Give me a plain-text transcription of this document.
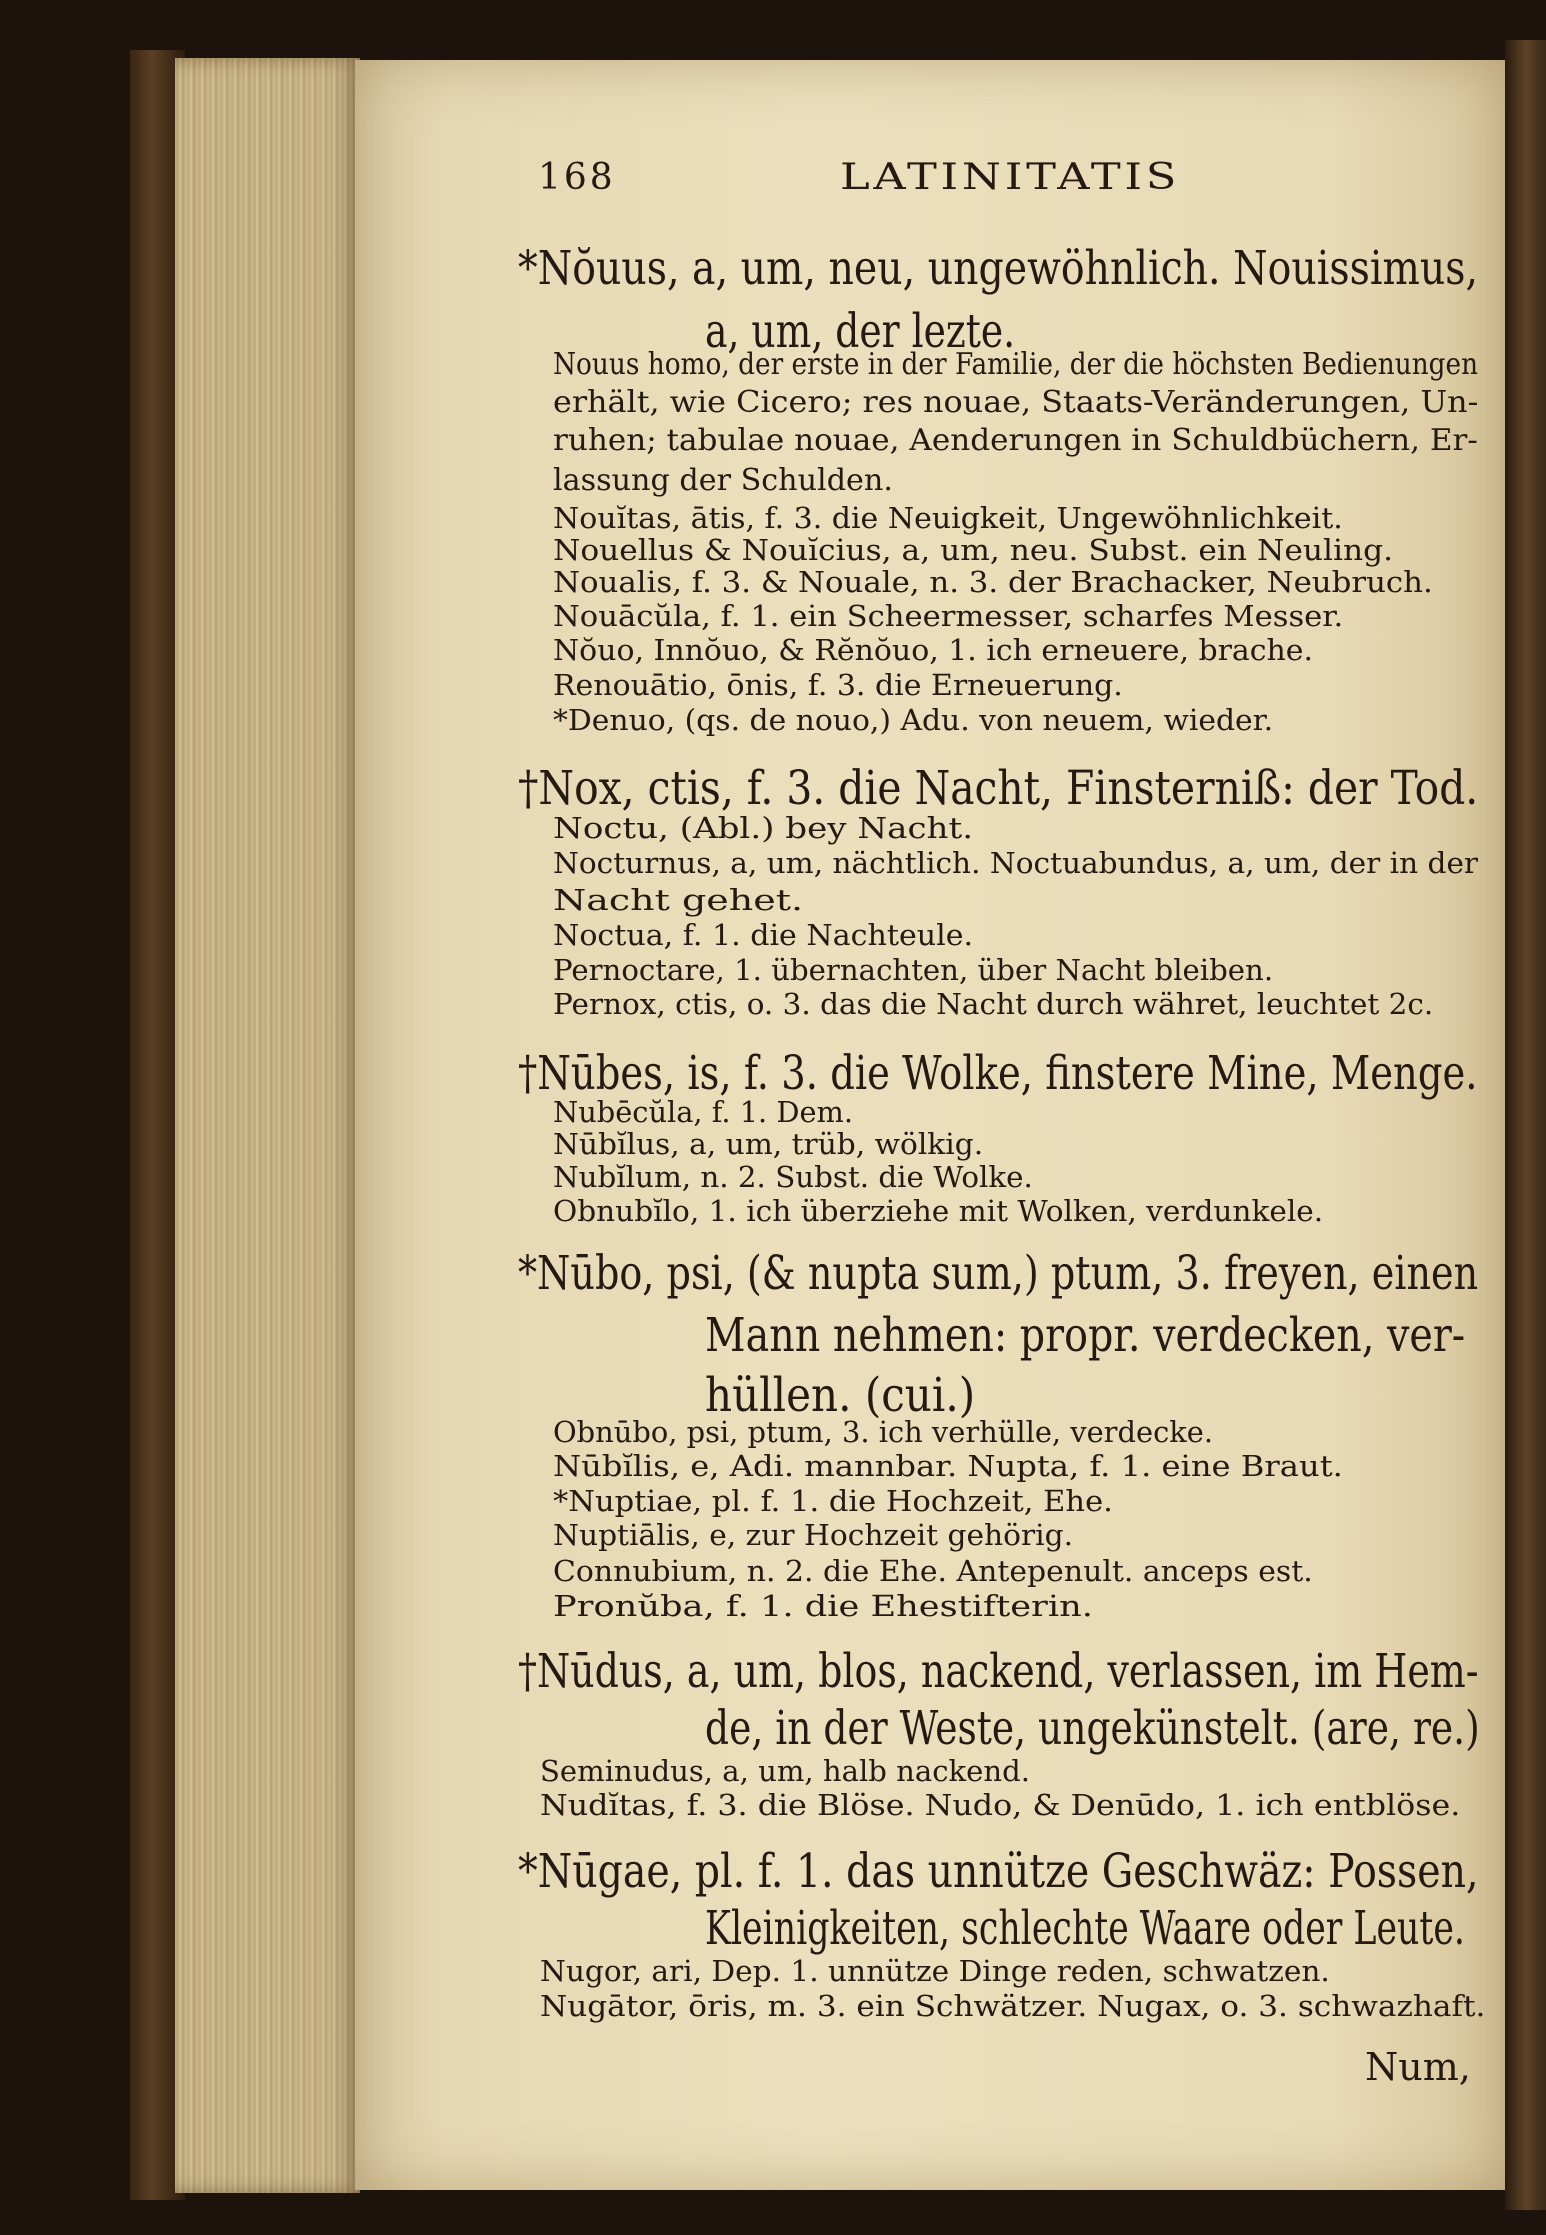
168	LATINITATIS
*Nŏuus, a, um, neu, ungewöhnlich. Nouissimus,
a, um, der lezte.
Nouus homo, der erste in der Familie, der die höchsten Bedienungen
erhält, wie Cicero; res nouae, Staats-Veränderungen, Un-
ruhen; tabulae nouae, Aenderungen in Schuldbüchern, Er-
lassung der Schulden.
Nouĭtas, ātis, f. 3. die Neuigkeit, Ungewöhnlichkeit.
Nouellus & Nouĭcius, a, um, neu. Subst. ein Neuling.
Noualis, f. 3. & Nouale, n. 3. der Brachacker, Neubruch.
Nouācŭla, f. 1. ein Scheermesser, scharfes Messer.
Nŏuo, Innŏuo, & Rĕnŏuo, 1. ich erneuere, brache.
Renouātio, ōnis, f. 3. die Erneuerung.
*Denuo, (qs. de nouo,) Adu. von neuem, wieder.
†Nox, ctis, f. 3. die Nacht, Finsterniß: der Tod.
Noctu, (Abl.) bey Nacht.
Nocturnus, a, um, nächtlich. Noctuabundus, a, um, der in der
Nacht gehet.
Noctua, f. 1. die Nachteule.
Pernoctare, 1. übernachten, über Nacht bleiben.
Pernox, ctis, o. 3. das die Nacht durch währet, leuchtet 2c.
†Nūbes, is, f. 3. die Wolke, finstere Mine, Menge.
Nubēcŭla, f. 1. Dem.
Nūbĭlus, a, um, trüb, wölkig.
Nubĭlum, n. 2. Subst. die Wolke.
Obnubĭlo, 1. ich überziehe mit Wolken, verdunkele.
*Nūbo, psi, (& nupta sum,) ptum, 3. freyen, einen
Mann nehmen: propr. verdecken, ver-
hüllen. (cui.)
Obnūbo, psi, ptum, 3. ich verhülle, verdecke.
Nūbĭlis, e, Adi. mannbar. Nupta, f. 1. eine Braut.
*Nuptiae, pl. f. 1. die Hochzeit, Ehe.
Nuptiālis, e, zur Hochzeit gehörig.
Connubium, n. 2. die Ehe. Antepenult. anceps est.
Pronŭba, f. 1. die Ehestifterin.
†Nūdus, a, um, blos, nackend, verlassen, im Hem-
de, in der Weste, ungekünstelt. (are, re.)
Seminudus, a, um, halb nackend.
Nudĭtas, f. 3. die Blöse. Nudo, & Denūdo, 1. ich entblöse.
*Nūgae, pl. f. 1. das unnütze Geschwäz: Possen,
Kleinigkeiten, schlechte Waare oder Leute.
Nugor, ari, Dep. 1. unnütze Dinge reden, schwatzen.
Nugātor, ōris, m. 3. ein Schwätzer. Nugax, o. 3. schwazhaft.
Num,
